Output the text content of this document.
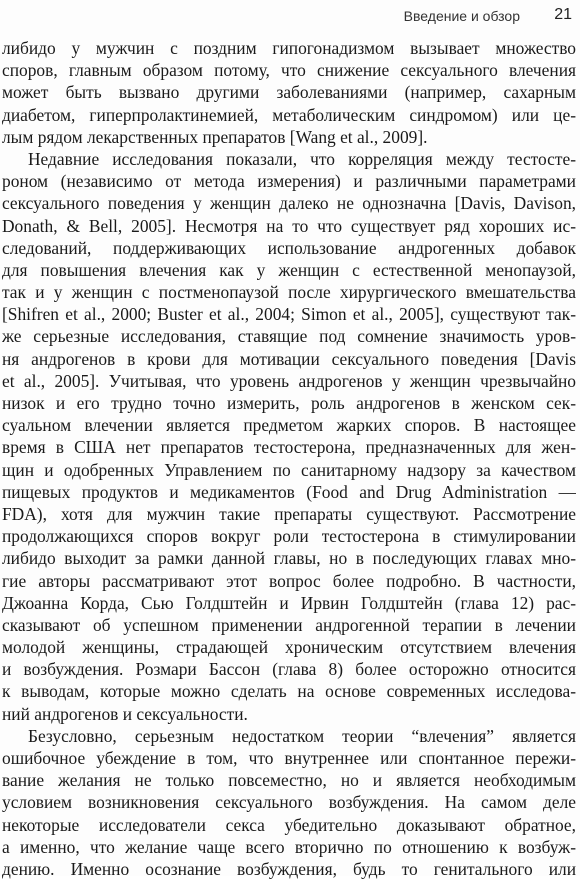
Введение и обзор 21
либидо у мужчин с поздним гипогонадизмом вызывает множество
споров, главным образом потому, что снижение сексуального влечения
может быть вызвано другими заболеваниями (например, сахарным
диабетом, гиперпролактинемией, метаболическим синдромом) или це-
лым рядом лекарственных препаратов [Wang et al., 2009].
Недавние исследования показали, что корреляция между тестосте-
роном (независимо от метода измерения) и различными параметрами
сексуального поведения у женщин далеко не однозначна [Davis, Davison,
Donath, & Bell, 2005]. Несмотря на то что существует ряд хороших ис-
следований, поддерживающих использование андрогенных добавок
для повышения влечения как у женщин с естественной менопаузой,
так и у женщин с постменопаузой после хирургического вмешательства
[Shifren et al., 2000; Buster et al., 2004; Simon et al., 2005], существуют так-
же серьезные исследования, ставящие под сомнение значимость уров-
ня андрогенов в крови для мотивации сексуального поведения [Davis
et al., 2005]. Учитывая, что уровень андрогенов у женщин чрезвычайно
низок и его трудно точно измерить, роль андрогенов в женском сек-
суальном влечении является предметом жарких споров. В настоящее
время в США нет препаратов тестостерона, предназначенных для жен-
щин и одобренных Управлением по санитарному надзору за качеством
пищевых продуктов и медикаментов (Food and Drug Administration —
FDA), хотя для мужчин такие препараты существуют. Рассмотрение
продолжающихся споров вокруг роли тестостерона в стимулировании
либидо выходит за рамки данной главы, но в последующих главах мно-
гие авторы рассматривают этот вопрос более подробно. В частности,
Джоанна Корда, Сью Голдштейн и Ирвин Голдштейн (глава 12) рас-
сказывают об успешном применении андрогенной терапии в лечении
молодой женщины, страдающей хроническим отсутствием влечения
и возбуждения. Розмари Бассон (глава 8) более осторожно относится
к выводам, которые можно сделать на основе современных исследова-
ний андрогенов и сексуальности.
Безусловно, серьезным недостатком теории “влечения” является
ошибочное убеждение в том, что внутреннее или спонтанное пережи-
вание желания не только повсеместно, но и является необходимым
условием возникновения сексуального возбуждения. На самом деле
некоторые исследователи секса убедительно доказывают обратное,
а именно, что желание чаще всего вторично по отношению к возбуж-
дению. Именно осознание возбуждения, будь то генитального или
